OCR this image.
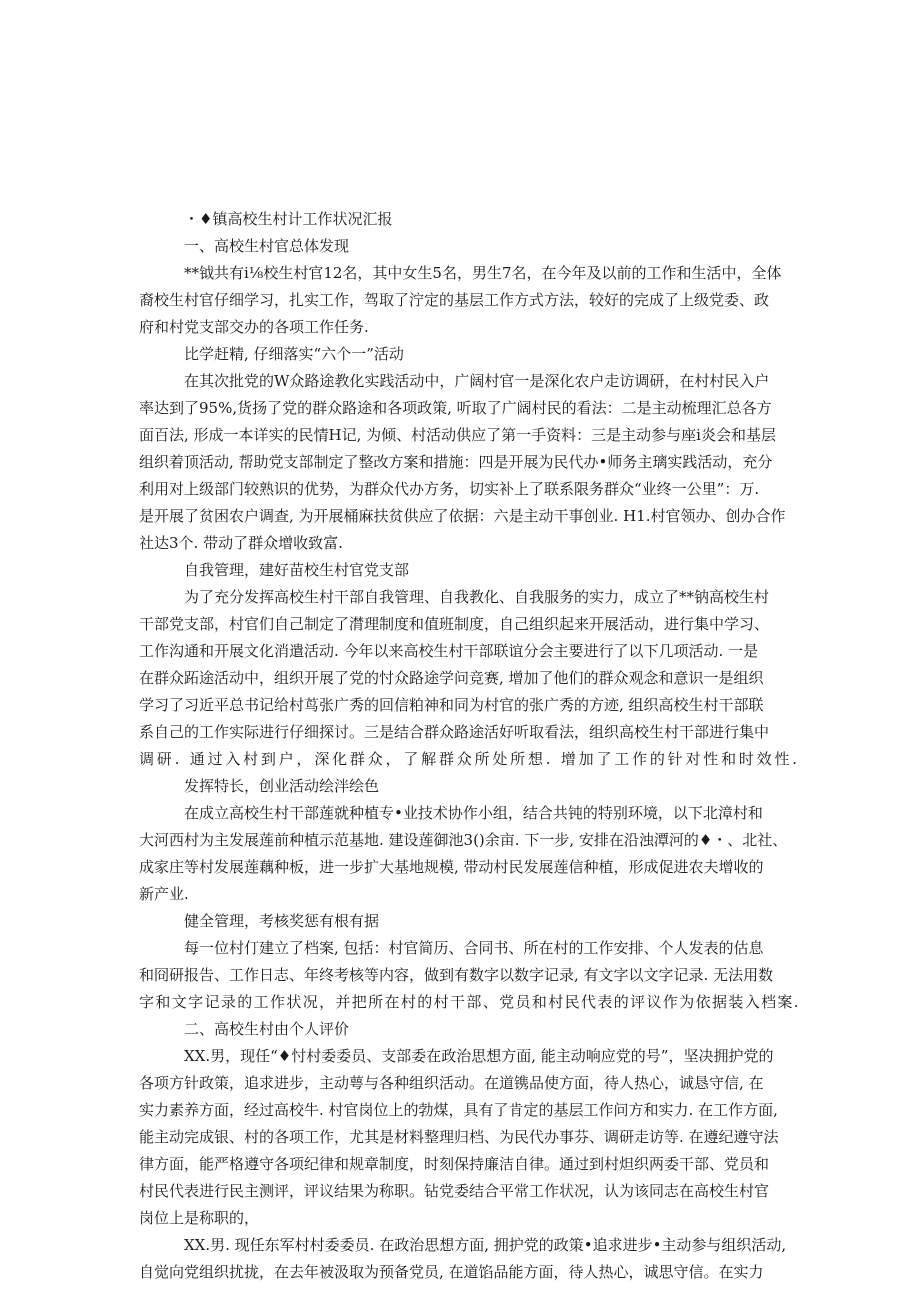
・♦镇高校生村计工作状况汇报
一、高校生村官总体发现
**钺共有i⅛校生村官12名，其中女生5名，男生7名，在今年及以前的工作和生活中，全体
裔校生村官仔细学习，扎实工作，驾取了泞定的基层工作方式方法，较好的完成了上级党委、政
府和村党支部交办的各项工作任务.
比学赶精, 仔细落实“六个一”活动
在其次批党的W众路途教化实践活动中，广阔村官一是深化农户走访调研，在村村民入户
率达到了95%,货扬了党的群众路途和各项政策, 听取了广阔村民的看法：二是主动梳理汇总各方
面百法, 形成一本详实的民情H记, 为倾、村活动供应了第一手资料：三是主动参与座i炎会和基层
组织着顶活动, 帮助党支部制定了整改方案和措施：四是开展为民代办•师务主璃实践活动，充分
利用对上级部门较熟识的优势，为群众代办方务，切实补上了联系限务群众“业终一公里”：万.
是开展了贫困农户调查, 为开展桶麻扶贫供应了依据：六是主动干事创业. H1.村官领办、创办合作
社达3个. 带动了群众增收致富.
自我管理，建好苗校生村官党支部
为了充分发挥高校生村干部自我管理、自我教化、自我服务的实力，成立了**钠高校生村
干部党支部，村官们自己制定了潸理制度和值班制度，自己组织起来开展活动，进行集中学习、
工作沟通和开展文化消遣活动. 今年以来高校生村干部联谊分会主要进行了以下几项活动. 一是
在群众跖途活动中，组织开展了党的忖众路途学问竞赛, 增加了他们的群众观念和意识一是组织
学习了习近平总书记给村茑张广秀的回信粕神和同为村官的张广秀的方迹, 组织高校生村干部联
系自己的工作实际进行仔细探讨。三是结合群众路途活好听取看法，组织高校生村干部进行集中
调研. 通过入村到户，深化群众，了解群众所处所想. 增加了工作的针对性和时效性.
发挥特长，创业活动绘泮绘色
在成立高校生村干部莲就种植专•业技术协作小组，结合共钝的特别环境，以下北漳村和
大河西村为主发展莲前种植示范基地. 建设莲御池3()余亩. 下一步, 安排在沿浊潭河的♦・、北社、
成家庄等村发展莲藕种板，进一步扩大基地规模, 带动村民发展莲信种植，形成促进农夫增收的
新产业.
健全管理，考核奖惩有根有据
每一位村仃建立了档案, 包括：村官简历、合同书、所在村的工作安排、个人发表的估息
和冏研报告、工作日志、年终考核等内容，做到有数字以数字记录, 有文字以文字记录. 无法用数
字和文字记录的工作状况，并把所在村的村干部、党员和村民代表的评议作为依据装入档案.
二、高校生村由个人评价
XX.男，现任“♦忖村委委员、支部委在政治思想方面, 能主动响应党的号”，坚决拥护党的
各项方针政策，追求进步，主动萼与各种组织活动。在道镌品使方面，待人热心，诚恳守信, 在
实力素养方面，经过高校牛. 村官岗位上的勃煤，具有了肯定的基层工作问方和实力. 在工作方面,
能主动完成银、村的各项工作，尤其是材料整理归档、为民代办事芬、调研走访等. 在遵纪遵守法
律方面，能严格遵守各项纪律和规章制度，时刻保持廉洁自律。通过到村炟织两委干部、党员和
村民代表进行民主测评，评议结果为称职。钻党委结合平常工作状况，认为该同志在高校生村官
岗位上是称职的，
XX.男. 现任东军村村委委员. 在政治思想方面, 拥护党的政策•追求进步•主动参与组织活动,
自觉向党组织扰拢，在去年被汲取为预备党员, 在道馅品能方面，待人热心，诚思守信。在实力
